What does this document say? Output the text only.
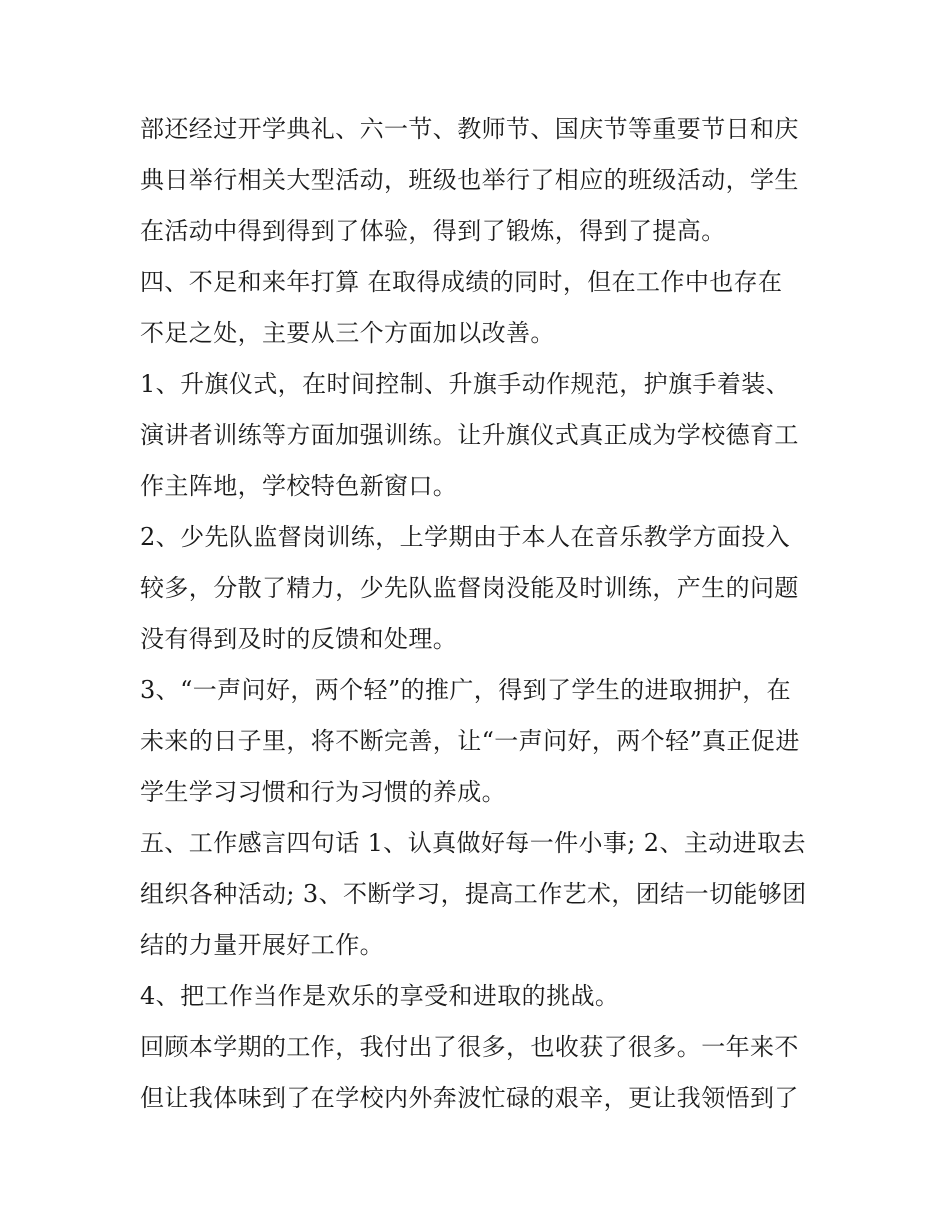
部还经过开学典礼、六一节、教师节、国庆节等重要节日和庆
典日举行相关大型活动，班级也举行了相应的班级活动，学生
在活动中得到得到了体验，得到了锻炼，得到了提高。
四、不足和来年打算 在取得成绩的同时，但在工作中也存在
不足之处，主要从三个方面加以改善。
1、升旗仪式，在时间控制、升旗手动作规范，护旗手着装、
演讲者训练等方面加强训练。让升旗仪式真正成为学校德育工
作主阵地，学校特色新窗口。
2、少先队监督岗训练，上学期由于本人在音乐教学方面投入
较多，分散了精力，少先队监督岗没能及时训练，产生的问题
没有得到及时的反馈和处理。
3、“一声问好，两个轻”的推广，得到了学生的进取拥护，在
未来的日子里，将不断完善，让“一声问好，两个轻”真正促进
学生学习习惯和行为习惯的养成。
五、工作感言四句话 1、认真做好每一件小事; 2、主动进取去
组织各种活动; 3、不断学习，提高工作艺术，团结一切能够团
结的力量开展好工作。
4、把工作当作是欢乐的享受和进取的挑战。
回顾本学期的工作，我付出了很多，也收获了很多。一年来不
但让我体味到了在学校内外奔波忙碌的艰辛，更让我领悟到了
